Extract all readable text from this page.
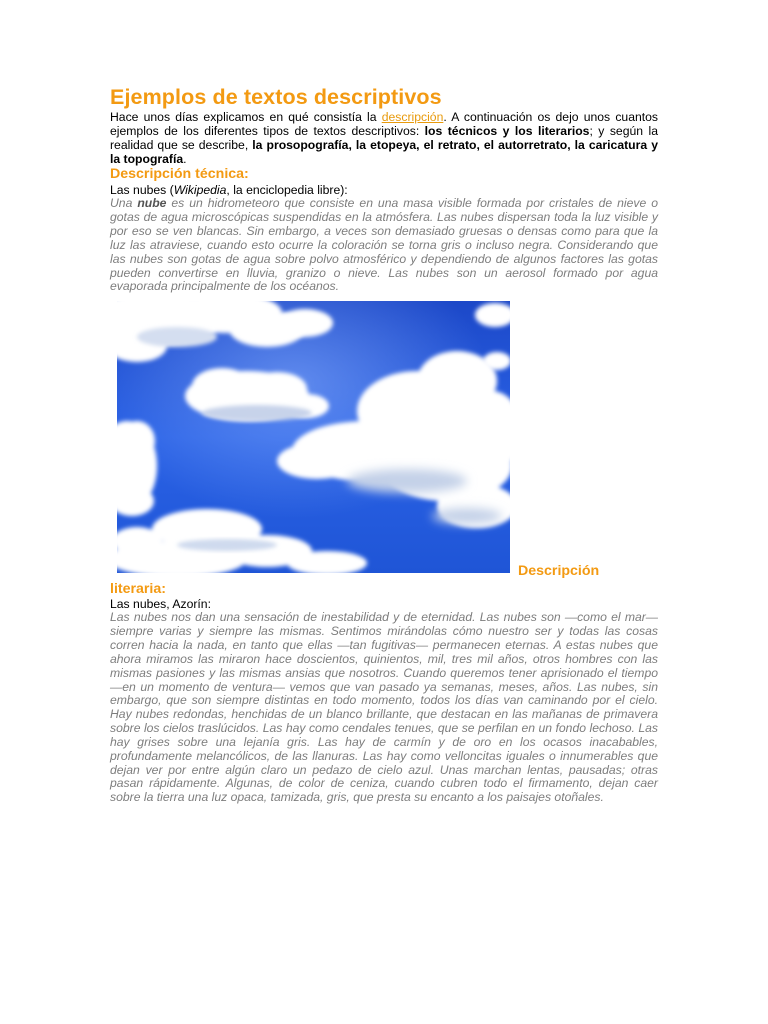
Ejemplos de textos descriptivos

Hace unos días explicamos en qué consistía la descripción. A continuación os dejo unos cuantos ejemplos de los diferentes tipos de textos descriptivos: los técnicos y los literarios; y según la realidad que se describe, la prosopografía, la etopeya, el retrato, el autorretrato, la caricatura y la topografía.

Descripción técnica:

Las nubes (Wikipedia, la enciclopedia libre):

Una nube es un hidrometeoro que consiste en una masa visible formada por cristales de nieve o gotas de agua microscópicas suspendidas en la atmósfera. Las nubes dispersan toda la luz visible y por eso se ven blancas. Sin embargo, a veces son demasiado gruesas o densas como para que la luz las atraviese, cuando esto ocurre la coloración se torna gris o incluso negra. Considerando que las nubes son gotas de agua sobre polvo atmosférico y dependiendo de algunos factores las gotas pueden convertirse en lluvia, granizo o nieve. Las nubes son un aerosol formado por agua evaporada principalmente de los océanos.

Descripción
literaria:

Las nubes, Azorín:

Las nubes nos dan una sensación de inestabilidad y de eternidad. Las nubes son —como el mar— siempre varias y siempre las mismas. Sentimos mirándolas cómo nuestro ser y todas las cosas corren hacia la nada, en tanto que ellas —tan fugitivas— permanecen eternas. A estas nubes que ahora miramos las miraron hace doscientos, quinientos, mil, tres mil años, otros hombres con las mismas pasiones y las mismas ansias que nosotros. Cuando queremos tener aprisionado el tiempo —en un momento de ventura— vemos que van pasado ya semanas, meses, años. Las nubes, sin embargo, que son siempre distintas en todo momento, todos los días van caminando por el cielo. Hay nubes redondas, henchidas de un blanco brillante, que destacan en las mañanas de primavera sobre los cielos traslúcidos. Las hay como cendales tenues, que se perfilan en un fondo lechoso. Las hay grises sobre una lejanía gris. Las hay de carmín y de oro en los ocasos inacabables, profundamente melancólicos, de las llanuras. Las hay como velloncitas iguales o innumerables que dejan ver por entre algún claro un pedazo de cielo azul. Unas marchan lentas, pausadas; otras pasan rápidamente. Algunas, de color de ceniza, cuando cubren todo el firmamento, dejan caer sobre la tierra una luz opaca, tamizada, gris, que presta su encanto a los paisajes otoñales.
